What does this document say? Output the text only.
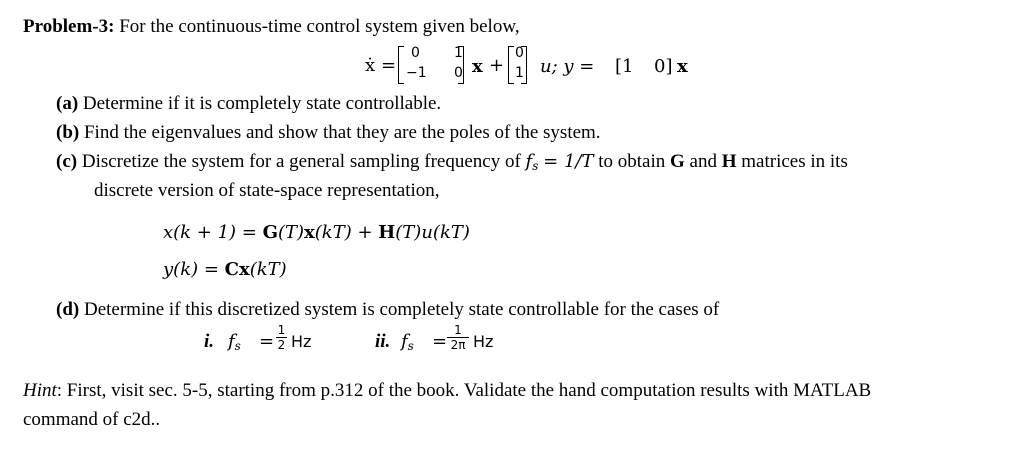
Problem-3: For the continuous-time control system given below,
ẋ =
0 1
−1 0 x +
0
1 u; y = [1 0] x
(a) Determine if it is completely state controllable.
(b) Find the eigenvalues and show that they are the poles of the system.
(c) Discretize the system for a general sampling frequency of $f_s = 1/T$ to obtain G and H matrices in its
discrete version of state-space representation,
x(k + 1) = G(T)x(kT) + H(T)u(kT)
y(k) = Cx(kT)
(d) Determine if this discretized system is completely state controllable for the cases of
i. $f_s$ =
1
2 Hz	ii. $f_s$ =
1
2π Hz
Hint: First, visit sec. 5-5, starting from p.312 of the book. Validate the hand computation results with MATLAB
command of c2d..
